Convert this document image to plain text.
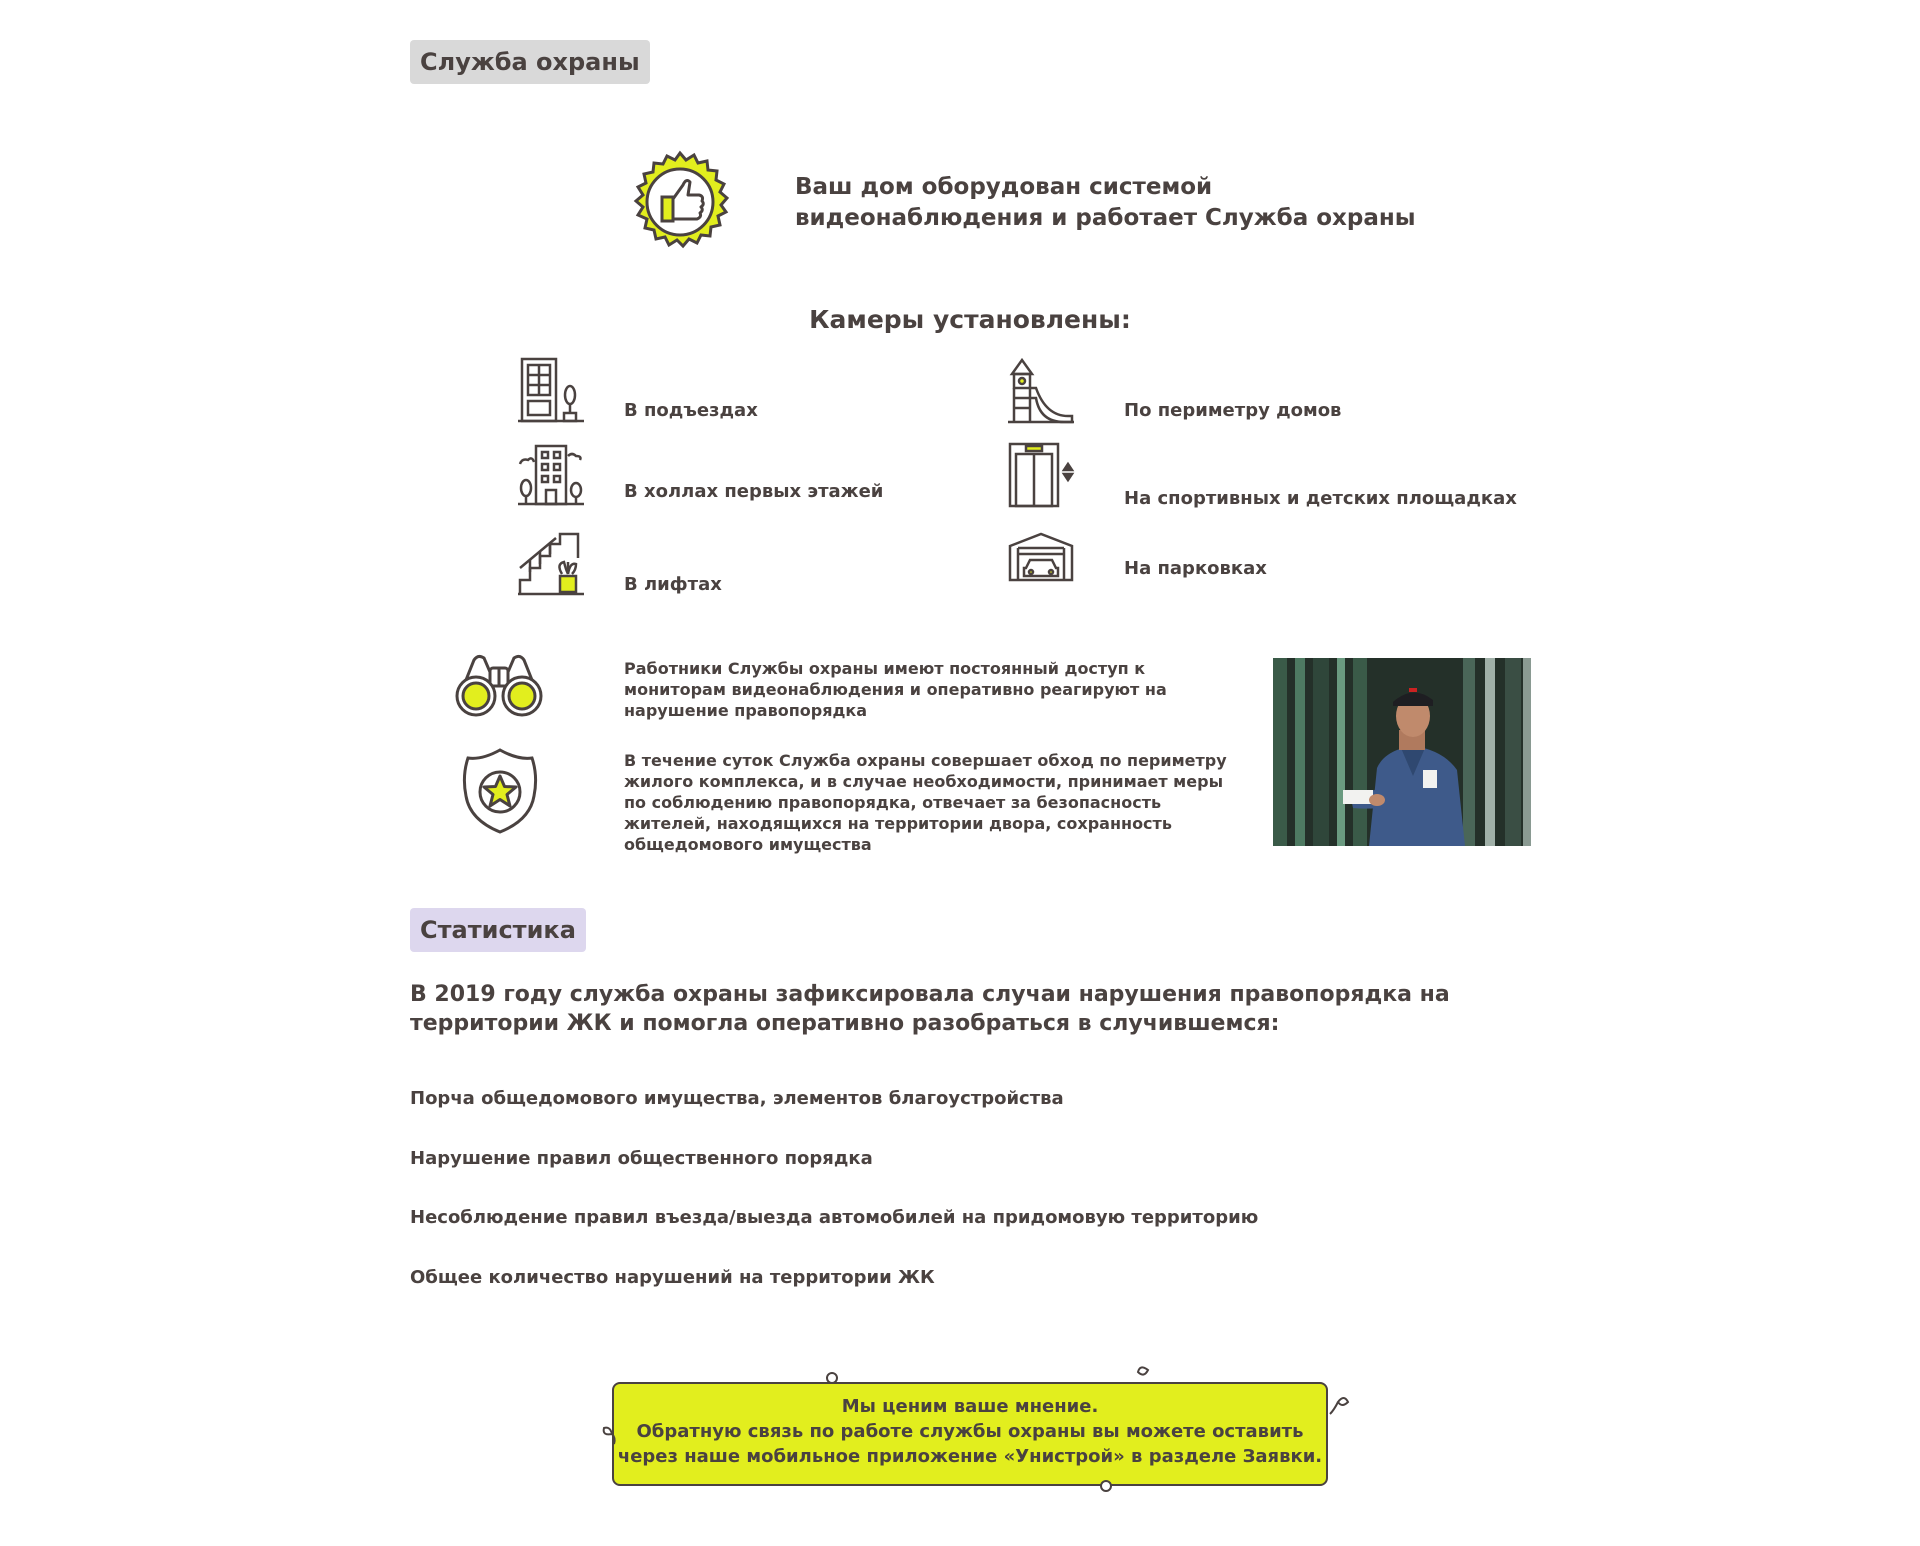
Служба охраны
Ваш дом оборудован системой
видеонаблюдения и работает Служба охраны
Камеры установлены:
В подъездах
В холлах первых этажей
В лифтах
По периметру домов
На спортивных и детских площадках
На парковках
Работники Службы охраны имеют постоянный доступ к мониторам видеонаблюдения и оперативно реагируют на нарушение правопорядка
В течение суток Служба охраны совершает обход по периметру жилого комплекса, и в случае необходимости, принимает меры по соблюдению правопорядка, отвечает за безопасность жителей, находящихся на территории двора, сохранность общедомового имущества
Статистика
В 2019 году служба охраны зафиксировала случаи нарушения правопорядка на территории ЖК и помогла оперативно разобраться в случившемся:
Порча общедомового имущества, элементов благоустройства
Нарушение правил общественного порядка
Несоблюдение правил въезда/выезда автомобилей на придомовую территорию
Общее количество нарушений на территории ЖК
Мы ценим ваше мнение.
Обратную связь по работе службы охраны вы можете оставить
через наше мобильное приложение «Унистрой» в разделе Заявки.
